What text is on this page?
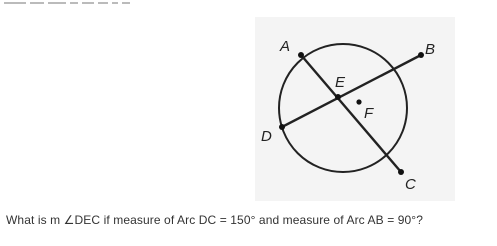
A	B
C
D
E
F
What is m ∠DEC if measure of Arc DC = 150° and measure of Arc AB = 90°?
